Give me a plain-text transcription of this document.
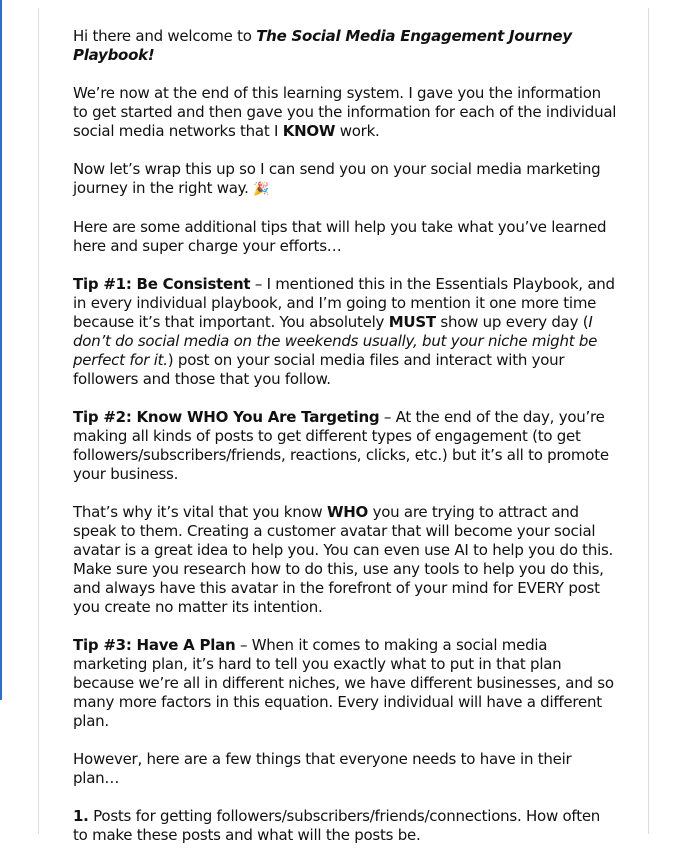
Hi there and welcome to The Social Media Engagement Journey Playbook!

We’re now at the end of this learning system. I gave you the information to get started and then gave you the information for each of the individual social media networks that I KNOW work.

Now let’s wrap this up so I can send you on your social media marketing journey in the right way. 🎉

Here are some additional tips that will help you take what you’ve learned here and super charge your efforts…

Tip #1: Be Consistent – I mentioned this in the Essentials Playbook, and in every individual playbook, and I’m going to mention it one more time because it’s that important. You absolutely MUST show up every day (I don’t do social media on the weekends usually, but your niche might be perfect for it.) post on your social media files and interact with your followers and those that you follow.

Tip #2: Know WHO You Are Targeting – At the end of the day, you’re making all kinds of posts to get different types of engagement (to get followers/subscribers/friends, reactions, clicks, etc.) but it’s all to promote your business.

That’s why it’s vital that you know WHO you are trying to attract and speak to them. Creating a customer avatar that will become your social avatar is a great idea to help you. You can even use AI to help you do this. Make sure you research how to do this, use any tools to help you do this, and always have this avatar in the forefront of your mind for EVERY post you create no matter its intention.

Tip #3: Have A Plan – When it comes to making a social media marketing plan, it’s hard to tell you exactly what to put in that plan because we’re all in different niches, we have different businesses, and so many more factors in this equation. Every individual will have a different plan.

However, here are a few things that everyone needs to have in their plan…

1. Posts for getting followers/subscribers/friends/connections. How often to make these posts and what will the posts be.
